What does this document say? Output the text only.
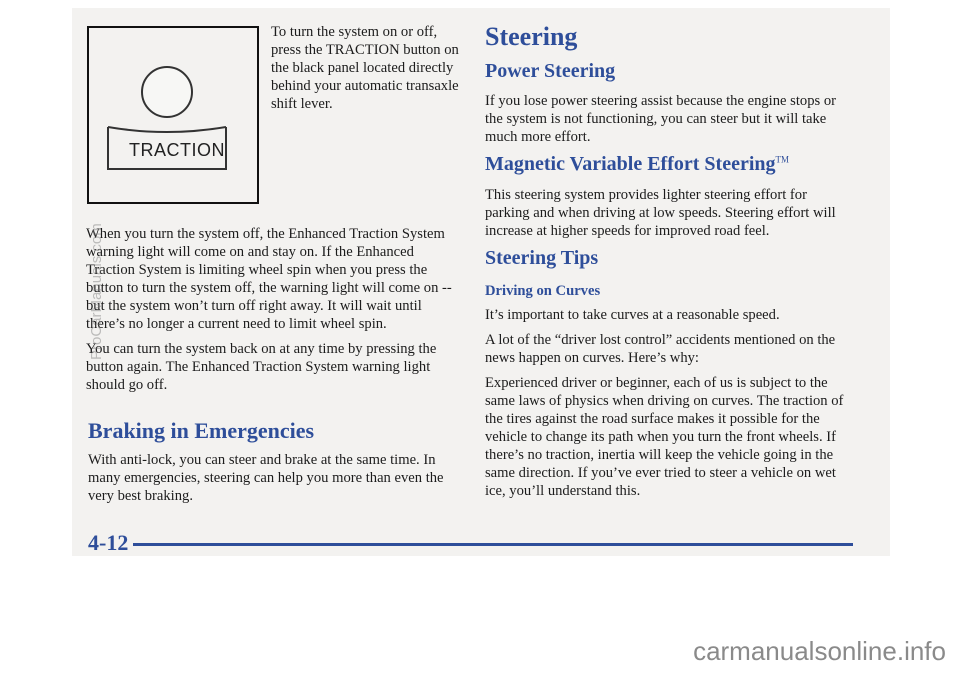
TRACTION
To turn the system on or off, press the TRACTION button on the black panel located directly behind your automatic transaxle shift lever.

When you turn the system off, the Enhanced Traction System warning light will come on and stay on. If the Enhanced Traction System is limiting wheel spin when you press the button to turn the system off, the warning light will come on -- but the system won’t turn off right away. It will wait until there’s no longer a current need to limit wheel spin.

You can turn the system back on at any time by pressing the button again. The Enhanced Traction System warning light should go off.

Braking in Emergencies
With anti-lock, you can steer and brake at the same time. In many emergencies, steering can help you more than even the very best braking.
Steering
Power Steering
If you lose power steering assist because the engine stops or the system is not functioning, you can steer but it will take much more effort.
Magnetic Variable Effort Steering™
This steering system provides lighter steering effort for parking and when driving at low speeds. Steering effort will increase at higher speeds for improved road feel.
Steering Tips
Driving on Curves

It’s important to take curves at a reasonable speed.

A lot of the “driver lost control” accidents mentioned on the news happen on curves. Here’s why:

Experienced driver or beginner, each of us is subject to the same laws of physics when driving on curves. The traction of the tires against the road surface makes it possible for the vehicle to change its path when you turn the front wheels. If there’s no traction, inertia will keep the vehicle going in the same direction. If you’ve ever tried to steer a vehicle on wet ice, you’ll understand this.

4-12
ProCarManuals.com
carmanualsonline.info
